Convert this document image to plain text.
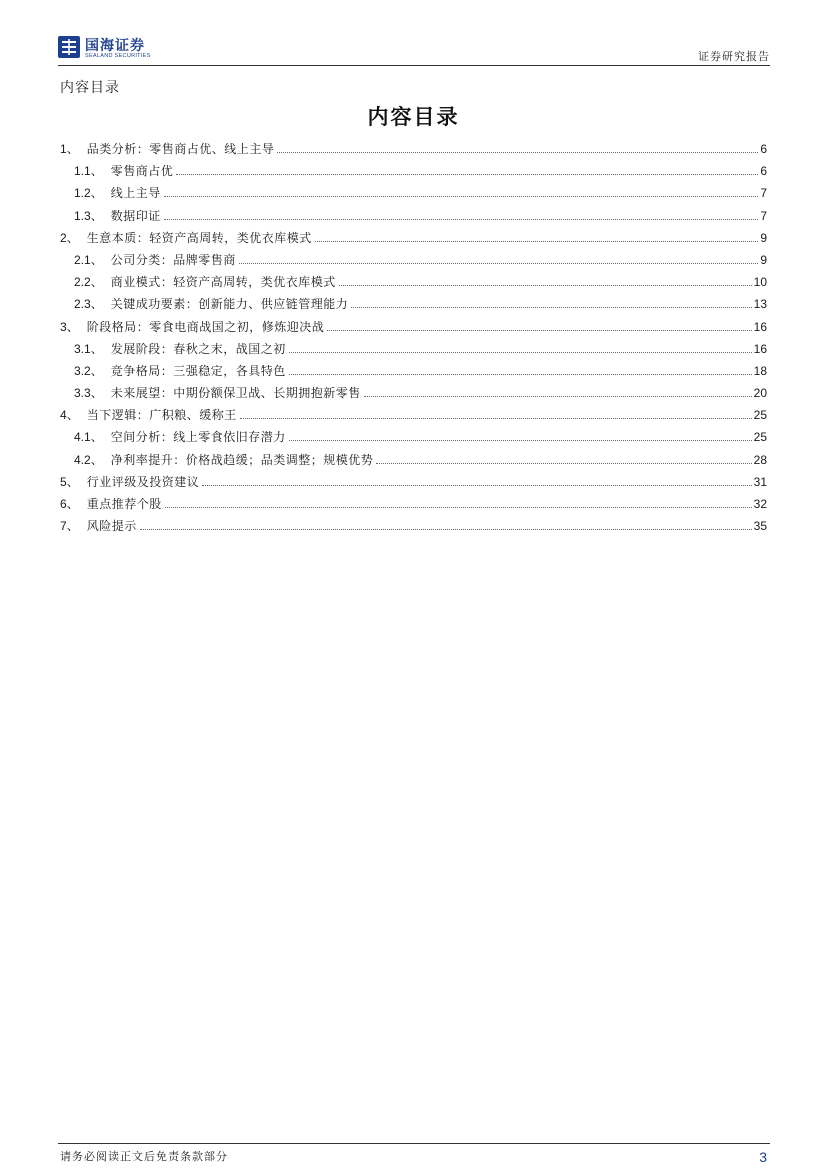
国海证券
SEALAND SECURITIES	证券研究报告
内容目录
内容目录
1 、 品类分析：零售商占优、线上主导	6
1.1 、 零售商占优	6
1.2 、 线上主导	7
1.3 、 数据印证	7
2 、 生意本质：轻资产高周转，类优衣库模式	9
2.1 、 公司分类：品牌零售商	9
2.2 、 商业模式：轻资产高周转，类优衣库模式	10
2.3 、 关键成功要素：创新能力、供应链管理能力	13
3 、 阶段格局：零食电商战国之初，修炼迎决战	16
3.1 、 发展阶段：春秋之末，战国之初	16
3.2 、 竞争格局：三强稳定，各具特色	18
3.3 、 未来展望：中期份额保卫战、长期拥抱新零售	20
4 、 当下逻辑：广积粮、缓称王	25
4.1 、 空间分析：线上零食依旧存潜力	25
4.2 、 净利率提升：价格战趋缓；品类调整；规模优势	28
5 、 行业评级及投资建议	31
6 、 重点推荐个股	32
7 、 风险提示	35
请务必阅读正文后免责条款部分	3
